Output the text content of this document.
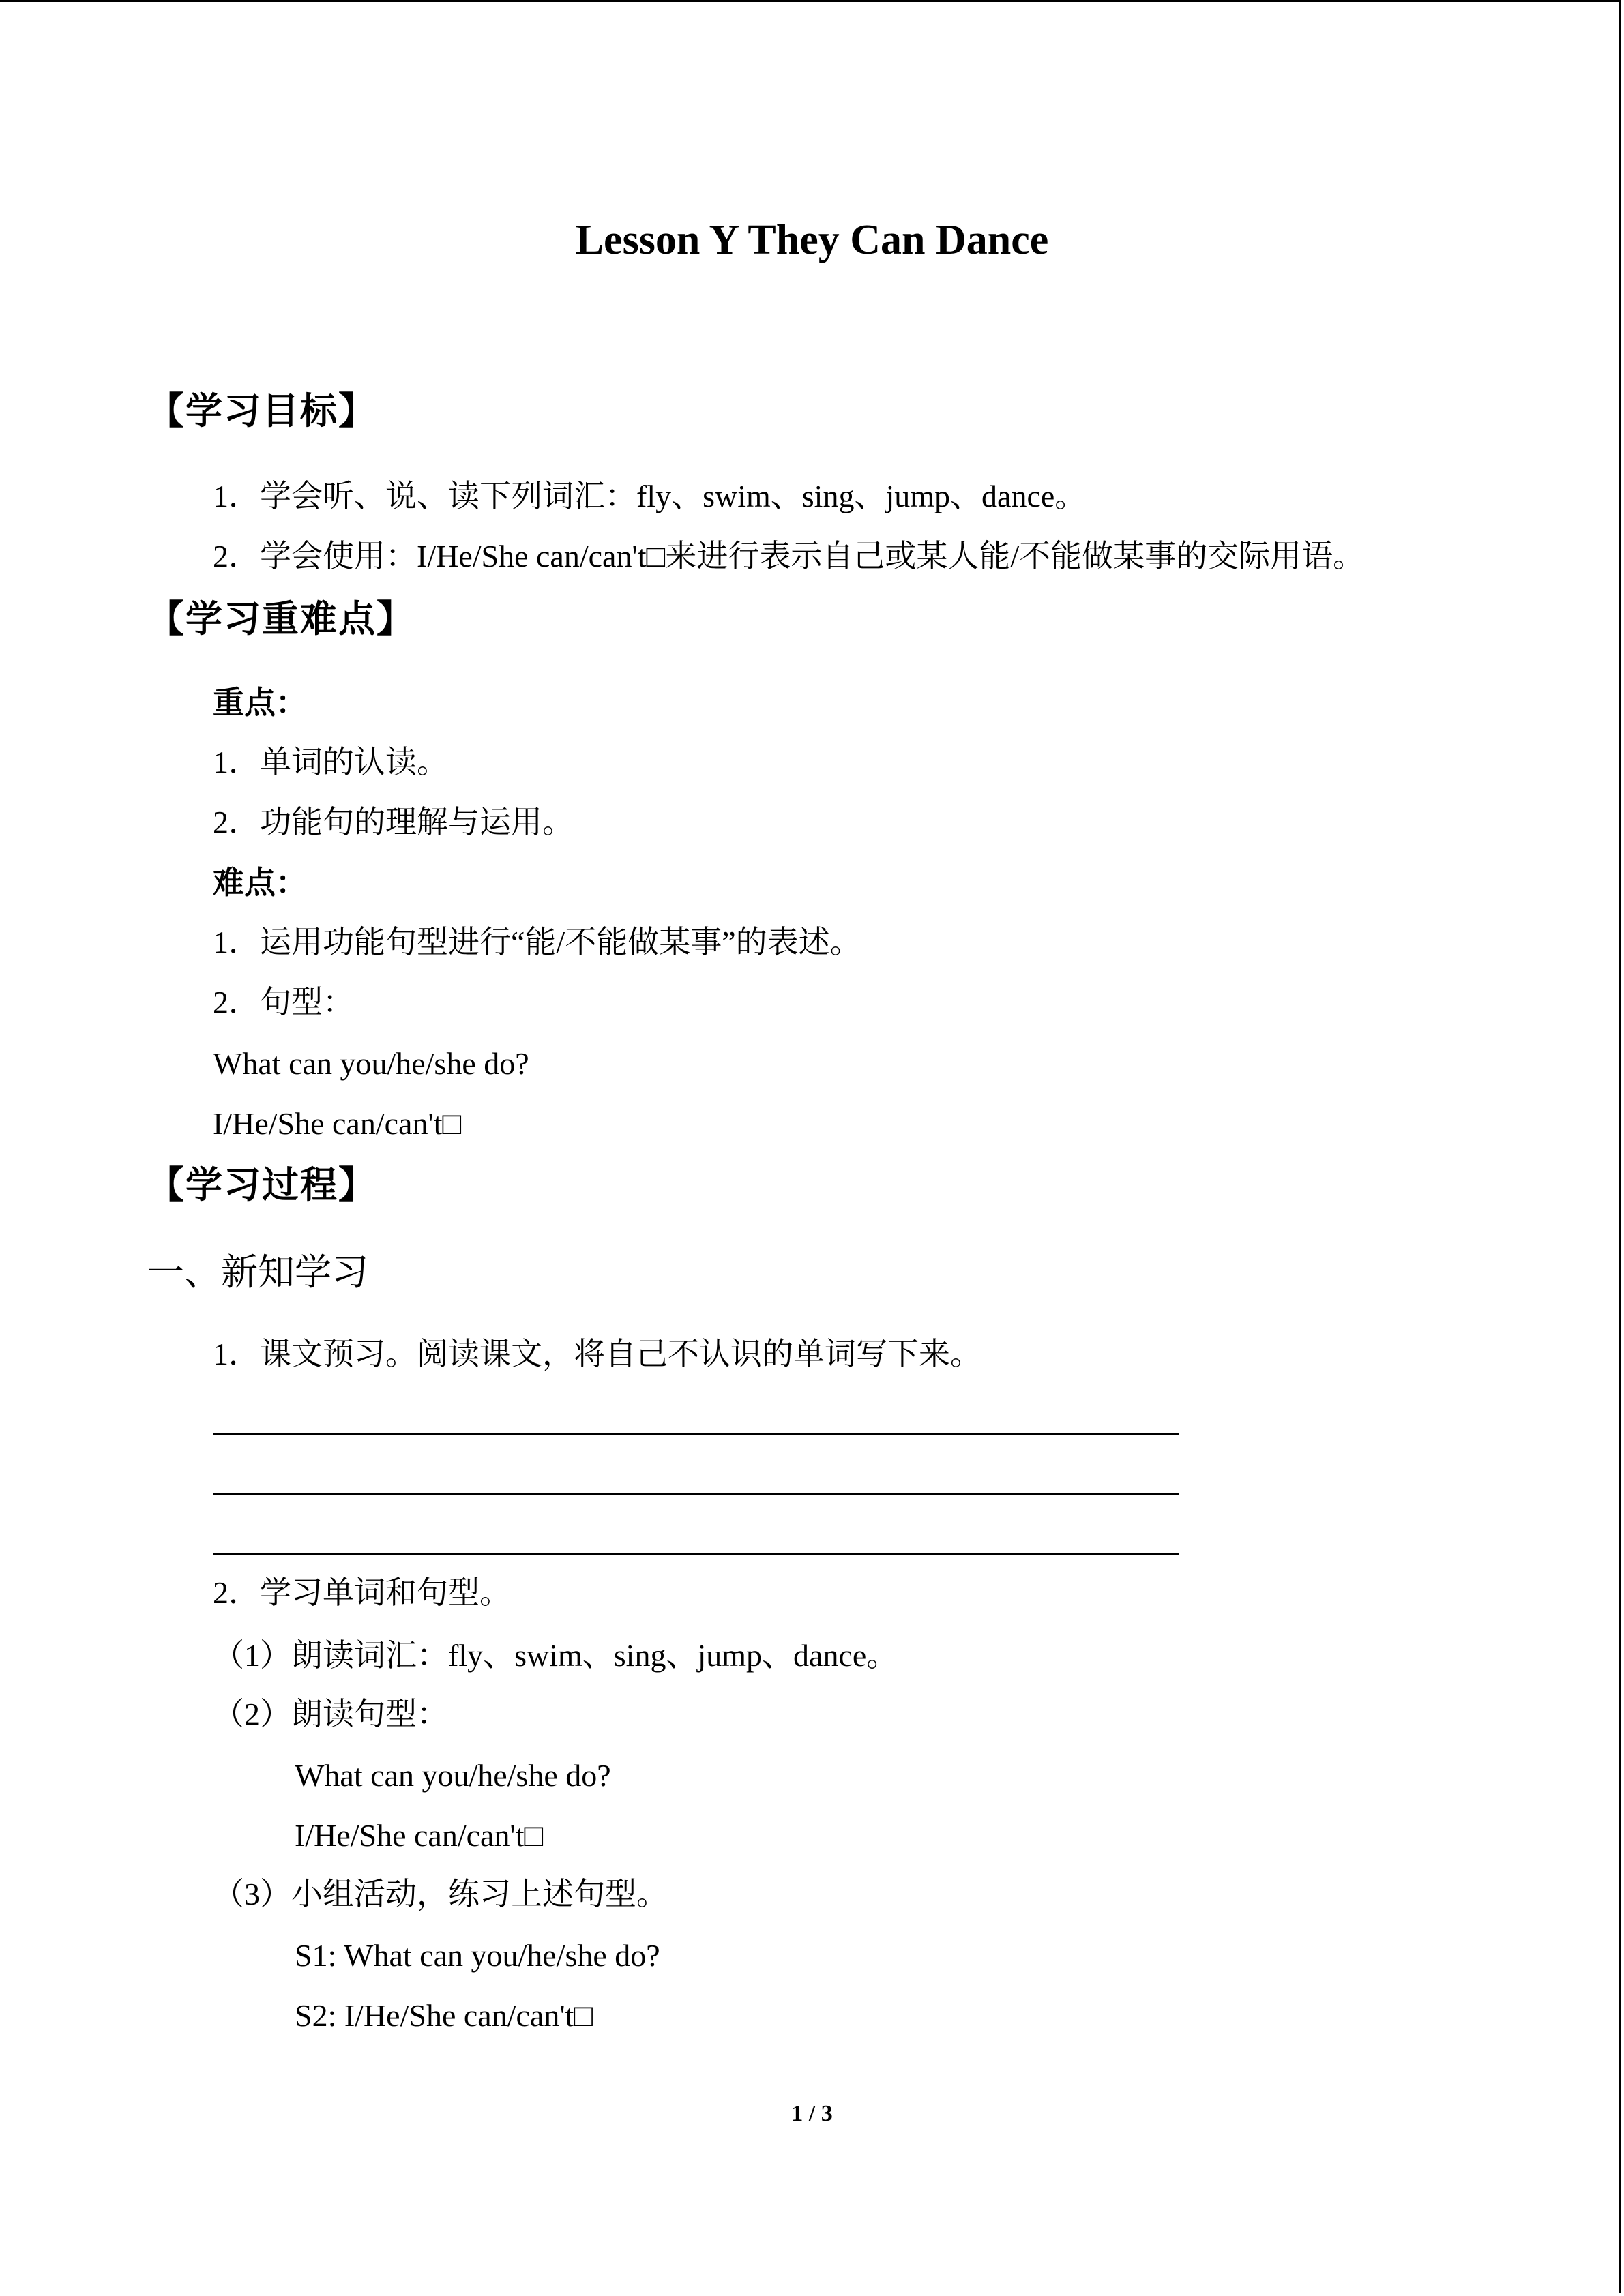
Lesson Y They Can Dance
【学习目标】
1．学会听、说、读下列词汇：fly、swim、sing、jump、dance。
2．学会使用：I/He/She can/can't□来进行表示自己或某人能/不能做某事的交际用语。
【学习重难点】
重点：
1．单词的认读。
2．功能句的理解与运用。
难点：
1．运用功能句型进行“能/不能做某事”的表述。
2．句型：
What can you/he/she do?
I/He/She can/can't□
【学习过程】
一、新知学习
1．课文预习。阅读课文，将自己不认识的单词写下来。
2．学习单词和句型。
（1）朗读词汇：fly、swim、sing、jump、dance。
（2）朗读句型：
What can you/he/she do?
I/He/She can/can't□
（3）小组活动，练习上述句型。
S1: What can you/he/she do?
S2: I/He/She can/can't□
1 / 3
